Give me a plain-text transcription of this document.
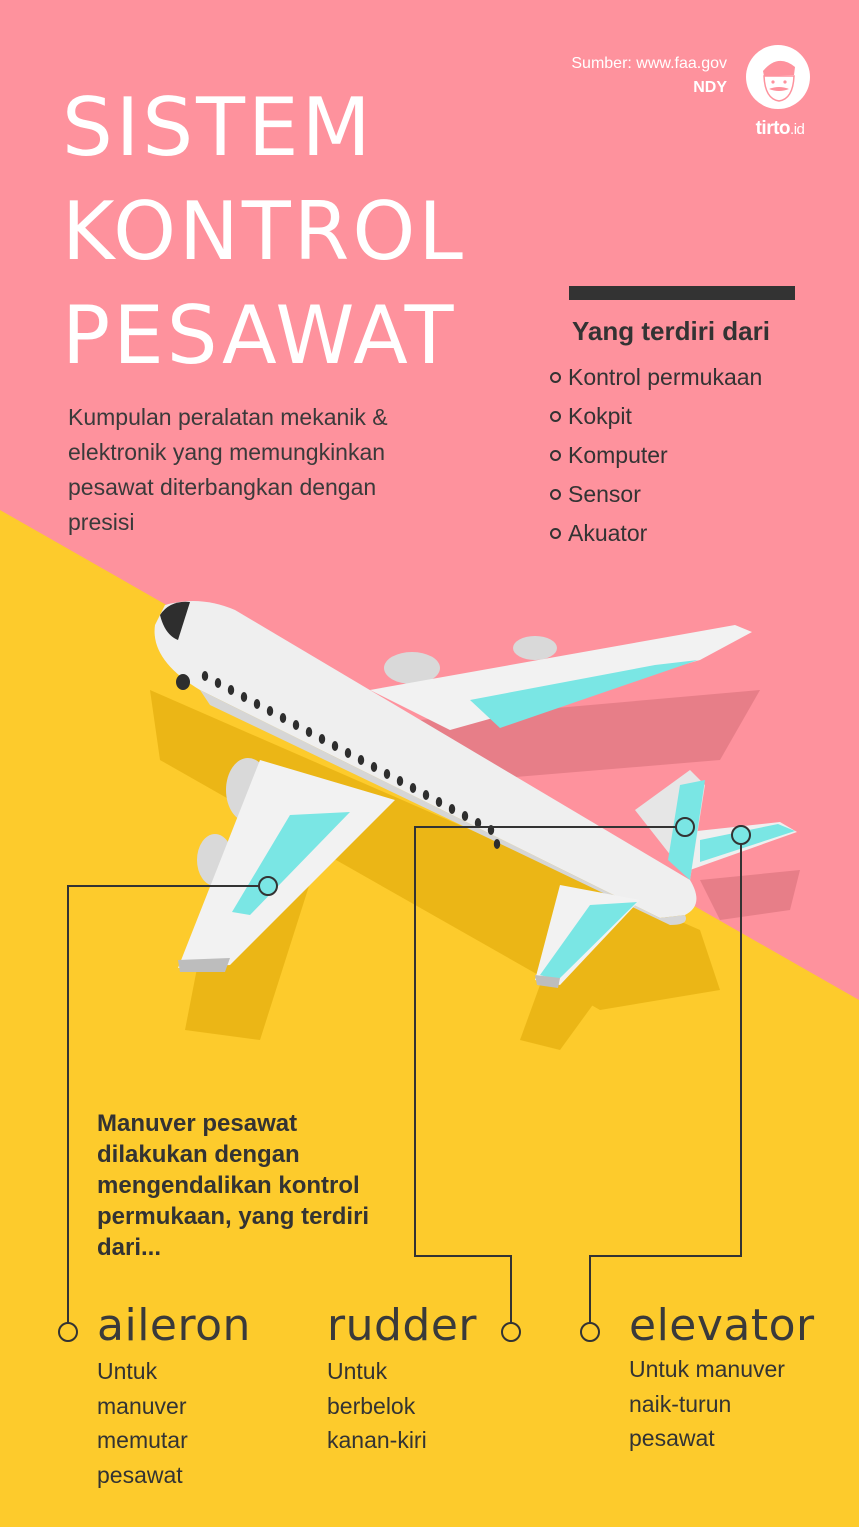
Sumber: www.faa.gov
NDY
tirto.id
SISTEM
KONTROL
PESAWAT

Kumpulan peralatan mekanik & elektronik yang memungkinkan pesawat diterbangkan dengan presisi

Yang terdiri dari
Kontrol permukaan
Kokpit
Komputer
Sensor
Akuator

Manuver pesawat dilakukan dengan mengendalikan kontrol permukaan, yang terdiri dari...

aileron
Untuk manuver memutar pesawat
rudder
Untuk berbelok kanan-kiri
elevator
Untuk manuver naik-turun pesawat
